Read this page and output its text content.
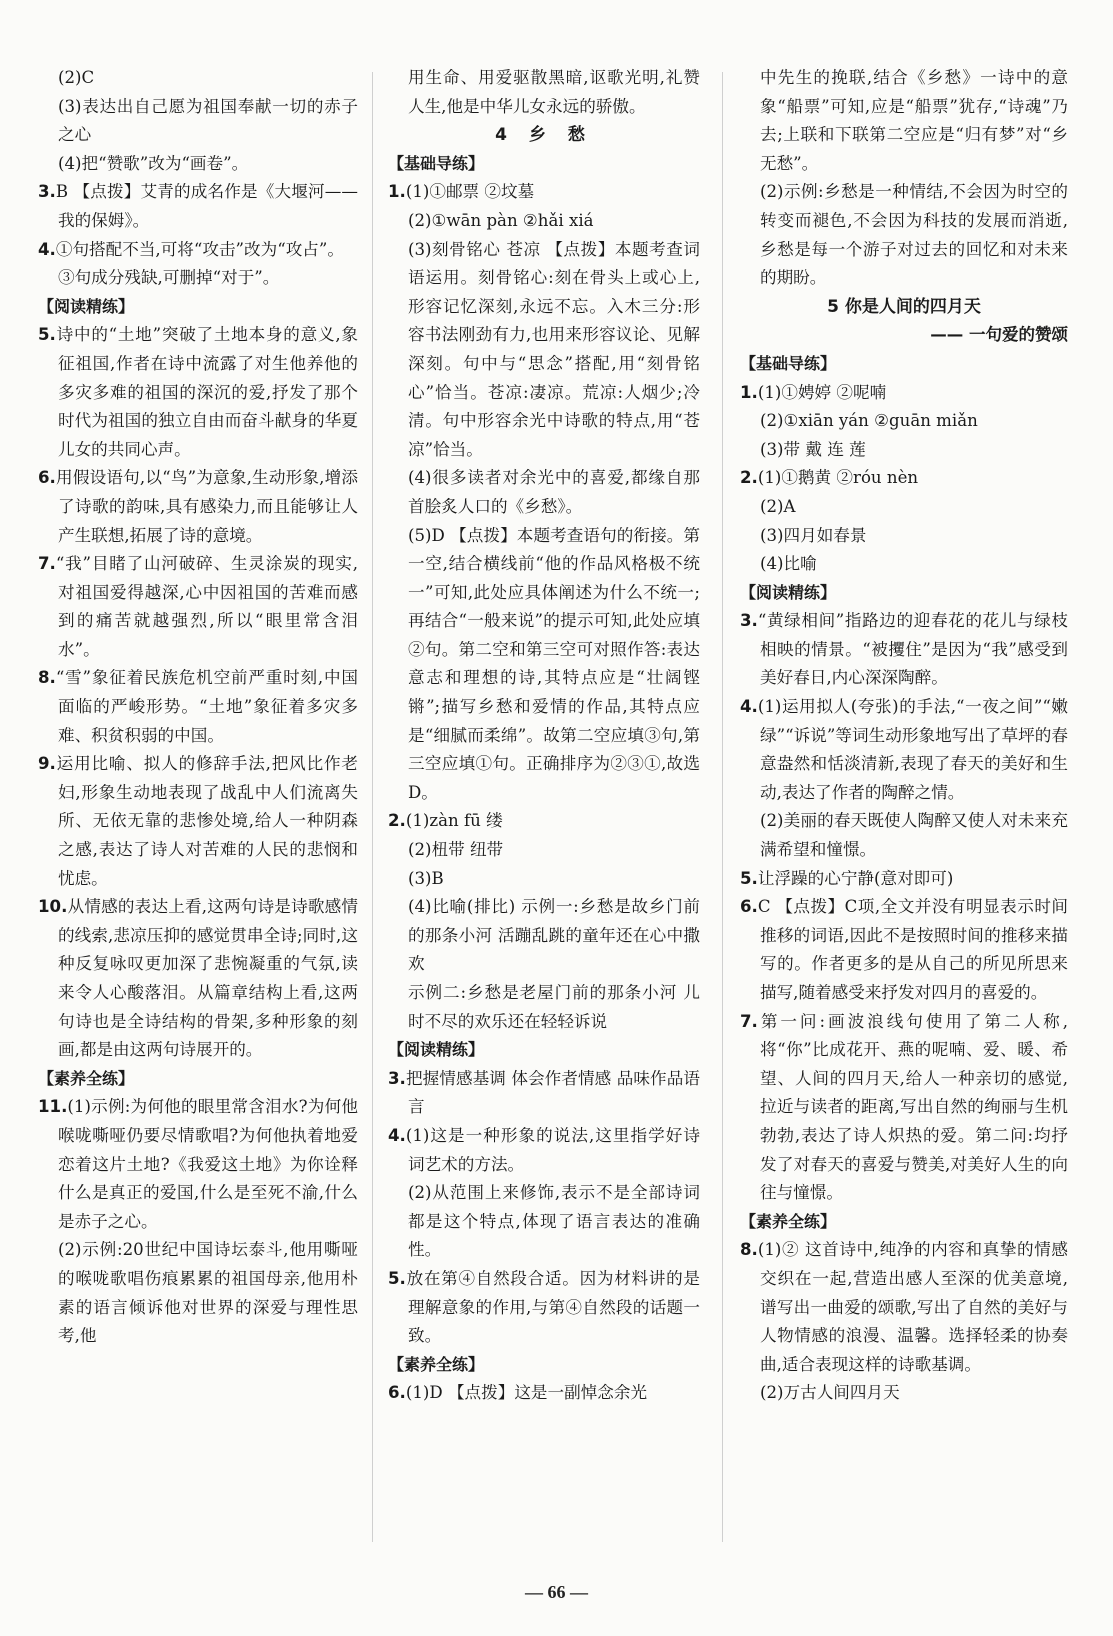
(2)C

(3)表达出自己愿为祖国奉献一切的赤子之心

(4)把“赞歌”改为“画卷”。

3.B 【点拨】艾青的成名作是《大堰河——我的保姆》。

4.①句搭配不当,可将“攻击”改为“攻占”。

③句成分残缺,可删掉“对于”。

【阅读精练】

5.诗中的“土地”突破了土地本身的意义,象征祖国,作者在诗中流露了对生他养他的多灾多难的祖国的深沉的爱,抒发了那个时代为祖国的独立自由而奋斗献身的华夏儿女的共同心声。

6.用假设语句,以“鸟”为意象,生动形象,增添了诗歌的韵味,具有感染力,而且能够让人产生联想,拓展了诗的意境。

7.“我”目睹了山河破碎、生灵涂炭的现实,对祖国爱得越深,心中因祖国的苦难而感到的痛苦就越强烈,所以“眼里常含泪水”。

8.“雪”象征着民族危机空前严重时刻,中国面临的严峻形势。“土地”象征着多灾多难、积贫积弱的中国。

9.运用比喻、拟人的修辞手法,把风比作老妇,形象生动地表现了战乱中人们流离失所、无依无靠的悲惨处境,给人一种阴森之感,表达了诗人对苦难的人民的悲悯和忧虑。

10.从情感的表达上看,这两句诗是诗歌感情的线索,悲凉压抑的感觉贯串全诗;同时,这种反复咏叹更加深了悲惋凝重的气氛,读来令人心酸落泪。从篇章结构上看,这两句诗也是全诗结构的骨架,多种形象的刻画,都是由这两句诗展开的。

【素养全练】

11.(1)示例:为何他的眼里常含泪水?为何他喉咙嘶哑仍要尽情歌唱?为何他执着地爱恋着这片土地?《我爱这土地》为你诠释什么是真正的爱国,什么是至死不渝,什么是赤子之心。

(2)示例:20世纪中国诗坛泰斗,他用嘶哑的喉咙歌唱伤痕累累的祖国母亲,他用朴素的语言倾诉他对世界的深爱与理性思考,他

用生命、用爱驱散黑暗,讴歌光明,礼赞人生,他是中华儿女永远的骄傲。

4 乡 愁

【基础导练】

1.(1)①邮票 ②坟墓

(2)①wān pàn ②hǎi xiá

(3)刻骨铭心 苍凉 【点拨】本题考查词语运用。刻骨铭心:刻在骨头上或心上,形容记忆深刻,永远不忘。入木三分:形容书法刚劲有力,也用来形容议论、见解深刻。句中与“思念”搭配,用“刻骨铭心”恰当。苍凉:凄凉。荒凉:人烟少;冷清。句中形容余光中诗歌的特点,用“苍凉”恰当。

(4)很多读者对余光中的喜爱,都缘自那首脍炙人口的《乡愁》。

(5)D 【点拨】本题考查语句的衔接。第一空,结合横线前“他的作品风格极不统一”可知,此处应具体阐述为什么不统一;再结合“一般来说”的提示可知,此处应填②句。第二空和第三空可对照作答:表达意志和理想的诗,其特点应是“壮阔铿锵”;描写乡愁和爱情的作品,其特点应是“细腻而柔绵”。故第二空应填③句,第三空应填①句。正确排序为②③①,故选D。

2.(1)zàn fū 缕

(2)杻带 纽带

(3)B

(4)比喻(排比) 示例一:乡愁是故乡门前的那条小河 活蹦乱跳的童年还在心中撒欢

示例二:乡愁是老屋门前的那条小河 儿时不尽的欢乐还在轻轻诉说

【阅读精练】

3.把握情感基调 体会作者情感 品味作品语言

4.(1)这是一种形象的说法,这里指学好诗词艺术的方法。

(2)从范围上来修饰,表示不是全部诗词都是这个特点,体现了语言表达的准确性。

5.放在第④自然段合适。因为材料讲的是理解意象的作用,与第④自然段的话题一致。

【素养全练】

6.(1)D 【点拨】这是一副悼念余光

中先生的挽联,结合《乡愁》一诗中的意象“船票”可知,应是“船票”犹存,“诗魂”乃去;上联和下联第二空应是“归有梦”对“乡无愁”。

(2)示例:乡愁是一种情结,不会因为时空的转变而褪色,不会因为科技的发展而消逝,乡愁是每一个游子对过去的回忆和对未来的期盼。

5 你是人间的四月天

—— 一句爱的赞颂

【基础导练】

1.(1)①娉婷 ②呢喃

(2)①xiān yán ②guān miǎn

(3)带 戴 连 莲

2.(1)①鹅黄 ②róu nèn

(2)A

(3)四月如春景

(4)比喻

【阅读精练】

3.“黄绿相间”指路边的迎春花的花儿与绿枝相映的情景。“被攫住”是因为“我”感受到美好春日,内心深深陶醉。

4.(1)运用拟人(夸张)的手法,“一夜之间”“嫩绿”“诉说”等词生动形象地写出了草坪的春意盎然和恬淡清新,表现了春天的美好和生动,表达了作者的陶醉之情。

(2)美丽的春天既使人陶醉又使人对未来充满希望和憧憬。

5.让浮躁的心宁静(意对即可)

6.C 【点拨】C项,全文并没有明显表示时间推移的词语,因此不是按照时间的推移来描写的。作者更多的是从自己的所见所思来描写,随着感受来抒发对四月的喜爱的。

7.第一问:画波浪线句使用了第二人称,将“你”比成花开、燕的呢喃、爱、暖、希望、人间的四月天,给人一种亲切的感觉,拉近与读者的距离,写出自然的绚丽与生机勃勃,表达了诗人炽热的爱。第二问:均抒发了对春天的喜爱与赞美,对美好人生的向往与憧憬。

【素养全练】

8.(1)② 这首诗中,纯净的内容和真挚的情感交织在一起,营造出感人至深的优美意境,谱写出一曲爱的颂歌,写出了自然的美好与人物情感的浪漫、温馨。选择轻柔的协奏曲,适合表现这样的诗歌基调。

(2)万古人间四月天

— 66 —
